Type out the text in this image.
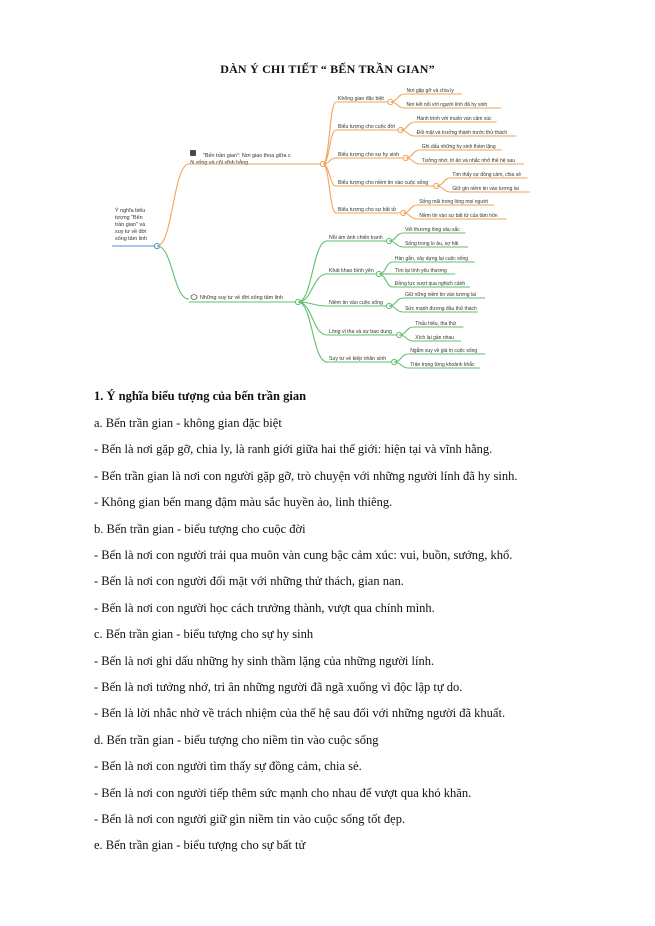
DÀN Ý CHI TIẾT “ BẾN TRẦN GIAN”
Ý nghĩa biểu tượng "Bến trần gian" và suy tư về đời sống tâm linh
"Bến trần gian": Nơi giao thoa giữa c õi sống và cõi vĩnh hằng
Không gian đặc biệt
Nơi gặp gỡ và chia ly
Nơi kết nối với người lính đã hy sinh
Biểu tượng cho cuộc đời
Hành trình với muôn vàn cảm xúc
Đối mặt và trưởng thành trước thử thách
Biểu tượng cho sự hy sinh
Ghi dấu những hy sinh thầm lặng
Tưởng nhớ, tri ân và nhắc nhở thế hệ sau
Biểu tượng cho niềm tin vào cuộc sống
Tìm thấy sự đồng cảm, chia sẻ
Giữ gìn niềm tin vào tương lai
Biểu tượng cho sự bất tử
Sống mãi trong lòng mọi người
Niềm tin vào sự bất tử của tâm hồn
Những suy tư về đời sống tâm linh
Nỗi ám ảnh chiến tranh
Vết thương lòng sâu sắc
Sống trong lo âu, sợ hãi
Khát khao bình yên
Hàn gắn, xây dựng lại cuộc sống
Tìm lại tình yêu thương
Đồng lực vượt qua nghịch cảnh
Niềm tin vào cuộc sống
Giữ vững niềm tin vào tương lai
Sức mạnh đương đầu thử thách
Lòng vị tha và sự bao dung
Thấu hiểu, tha thứ
Xích lại gần nhau
Suy tư về kiếp nhân sinh
Ngẫm suy về giá trị cuộc sống
Trân trọng từng khoảnh khắc
1. Ý nghĩa biểu tượng của bến trần gian
a. Bến trần gian - không gian đặc biệt
- Bến là nơi gặp gỡ, chia ly, là ranh giới giữa hai thế giới: hiện tại và vĩnh hằng.
- Bến trần gian là nơi con người gặp gỡ, trò chuyện với những người lính đã hy sinh.
- Không gian bến mang đậm màu sắc huyền ảo, linh thiêng.
b. Bến trần gian - biểu tượng cho cuộc đời
- Bến là nơi con người trải qua muôn vàn cung bậc cảm xúc: vui, buồn, sướng, khổ.
- Bến là nơi con người đối mặt với những thử thách, gian nan.
- Bến là nơi con người học cách trưởng thành, vượt qua chính mình.
c. Bến trần gian - biểu tượng cho sự hy sinh
- Bến là nơi ghi dấu những hy sinh thầm lặng của những người lính.
- Bến là nơi tưởng nhớ, tri ân những người đã ngã xuống vì độc lập tự do.
- Bến là lời nhắc nhở về trách nhiệm của thế hệ sau đối với những người đã khuất.
d. Bến trần gian - biểu tượng cho niềm tin vào cuộc sống
- Bến là nơi con người tìm thấy sự đồng cảm, chia sẻ.
- Bến là nơi con người tiếp thêm sức mạnh cho nhau để vượt qua khó khăn.
- Bến là nơi con người giữ gìn niềm tin vào cuộc sống tốt đẹp.
e. Bến trần gian - biểu tượng cho sự bất tử
